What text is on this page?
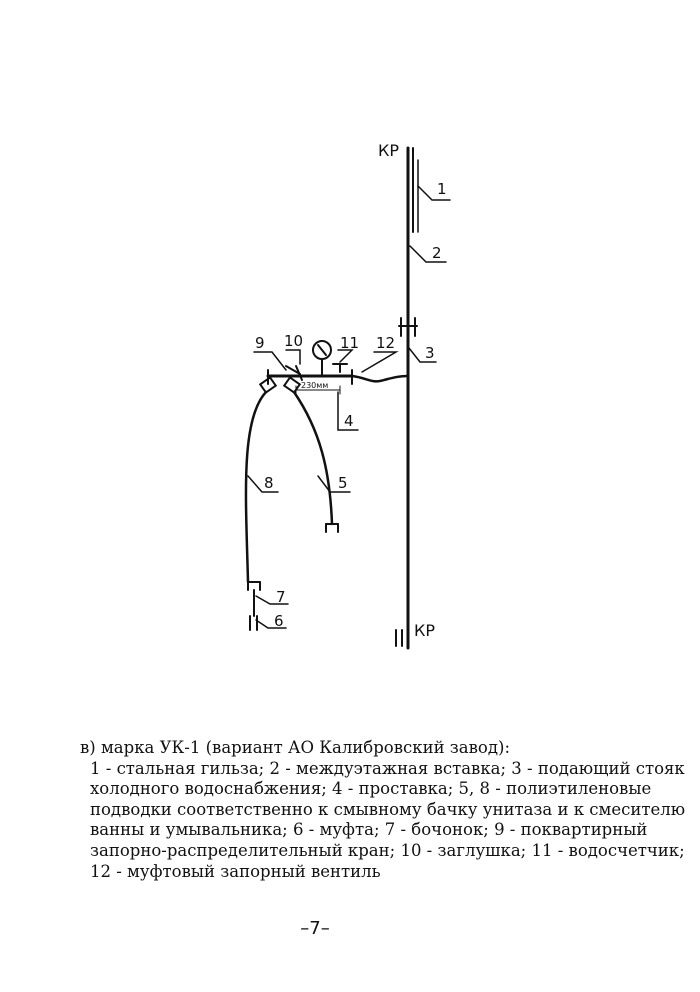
КР
КР
1
2
3
4
5
6
7
8
9 10 11 12
230мм
в) марка УК-1 (вариант АО Калибровский завод):
1 - стальная гильза; 2 - междуэтажная вставка; 3 - подающий стояк
холодного водоснабжения; 4 - проставка; 5, 8 - полиэтиленовые
подводки соответственно к смывному бачку унитаза и к смесителю
ванны и умывальника; 6 - муфта; 7 - бочонок; 9 - поквартирный
запорно-распределительный кран; 10 - заглушка; 11 - водосчетчик;
12 - муфтовый запорный вентиль
–7–
